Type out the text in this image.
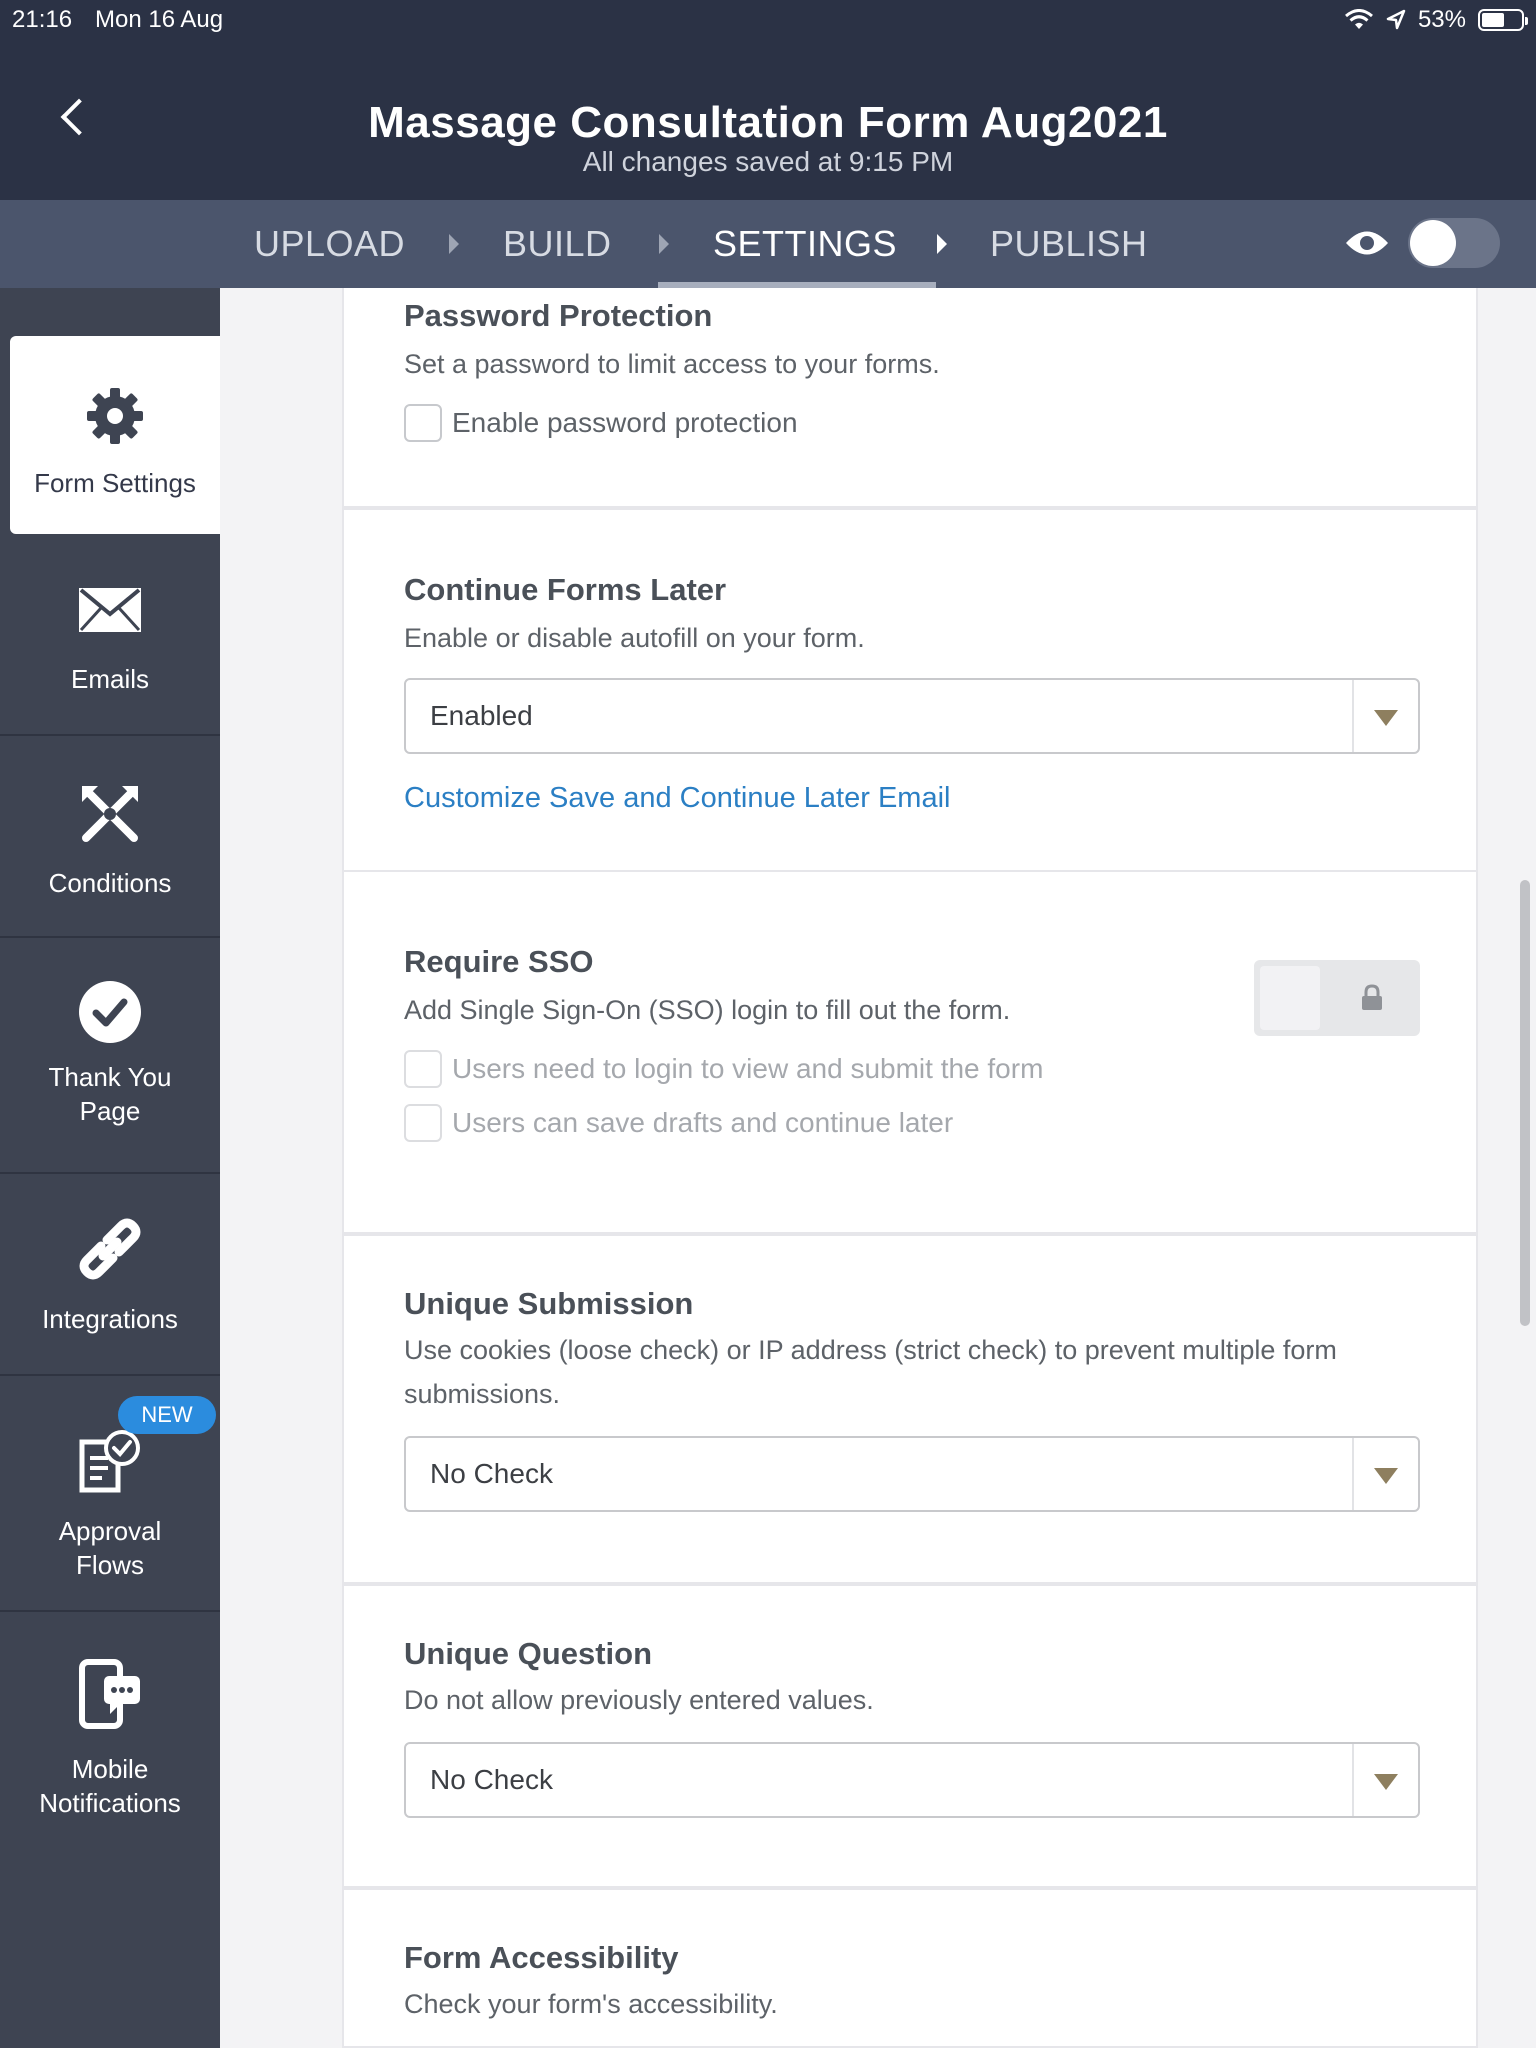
21:16 Mon 16 Aug	53%
Massage Consultation Form Aug2021
All changes saved at 9:15 PM
UPLOAD	BUILD	SETTINGS	PUBLISH
Form Settings
Emails
Conditions
Thank You Page
Integrations
Approval Flows
Mobile Notifications
NEW
Password Protection
Set a password to limit access to your forms.
Enable password protection
Continue Forms Later
Enable or disable autofill on your form.
Enabled
Customize Save and Continue Later Email
Require SSO
Add Single Sign-On (SSO) login to fill out the form.
Users need to login to view and submit the form
Users can save drafts and continue later
Unique Submission
Use cookies (loose check) or IP address (strict check) to prevent multiple form submissions.
No Check
Unique Question
Do not allow previously entered values.
No Check
Form Accessibility
Check your form's accessibility.
